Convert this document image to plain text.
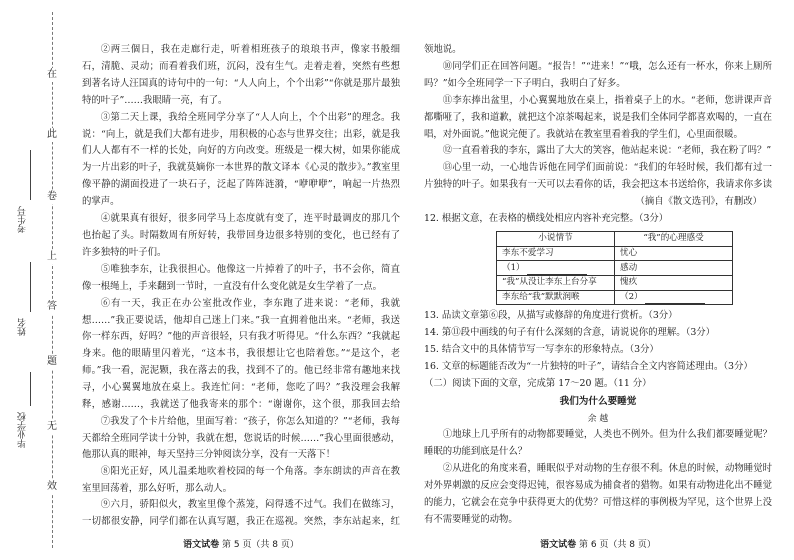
在
此
卷
上
答
题
无
效
考生号
姓名
毕业学校

②两三個日，我在走廊行走，听着相班孩子的琅琅书声，像家书般细石，清脆、灵动；而看着我们班，沉闷，没有生气。走着走着，突然有些想到著名诗人汪国真的诗句中的一句：“人人向上，个个出彩”“你就是那片最独特的叶子”……我眼睛一亮，有了。

③第二天上课，我给全班同学分享了“人人向上，个个出彩”的理念。我说：“向上，就是我们大都有进步，用积极的心态与世界交往；出彩，就是我们人人都有不一样的长处，向好的方向改变。班级是一棵大树，如果你能成为一片出彩的叶子，我就莫嫡你一本世界的散文译本《心灵的散步》。”教室里像平静的湖面投进了一块石子，泛起了阵阵涟漪，“咿咿咿”，响起一片热烈的掌声。

④就果真有很好，很多同学马上态度就有变了，连平时最调皮的那几个也抬起了头。时隔数周有所好转，我带回身边很多特别的变化，也已经有了许多独特的叶子们。

⑤唯独李东，让我很担心。他像这一片掉着了的叶子，书不会你，简直像一根绳上，手来翻到一节时，一直没有什么变化就是女生学着了一点。

⑥有一天，我正在办公室批改作业，李东跑了进来说：“老师，我就想……”我正要说话，他却自己迷上门来。”我一直拥着他出来。“老师，我送你一样东西，好吗？”他的声音很轻，只有我才听得见。“什么东西？”我就起身来。他的眼睛里闪着光，“这本书，我很想让它也陪着您。”“是这个，老师。”我一看，泥泥颗，我在落去的我，找到不了的。他已经非常有趣地来找寻，小心翼翼地放在桌上。我连忙问：“老师，您吃了吗？”我没理会我解释，感谢……，我就送了他我寄来的那个：“谢谢你，这个很，那我回去给

⑦我发了个卡片给他，里面写着：“孩子，你怎么知道的？”“老师，我每天都给全班同学读十分钟，我就在想，您说话的时候……”我心里面很感动，他那认真的眼神，每天坚持三分钟阅读分享，没有一天落下！

⑧阳光正好，风儿温柔地吹着校园的每一个角落。李东朗读的声音在教室里回荡着，那么好听，那么动人。

⑨六月，骄阳似火，教室里像个蒸笼，闷得透不过气。我们在做练习，一切都很安静，同学们都在认真写题，我正在巡视。突然，李东站起来，红

语文试卷 第 5 页（共 8 页）

领地说。

⑩同学们正在回答问题。“报告！”“进来！”“哦，怎么还有一杯水，你来上厕所吗？”如今全班同学一下子明白，我明白了好多。

⑪李东捧出盆里，小心翼翼地放在桌上，指着桌子上的水。“老师，您讲课声音都嘶哑了，我和道歉，就把这个凉茶喝起来，说是我们全体同学都喜欢喝的，一直在唱，对外面说。”他说完便了。我就站在教室里看着我的学生们，心里面很暖。

⑫一直看着我的李东，露出了大大的笑容，他站起来说：“老师，我在粉了吗？”

⑬心里一动，一心地告诉他在同学们面前说：“我们的年轻时候，我们都有过一片独特的叶子。如果我有一天可以去看你的话，我会把这本书送给你，我请求你多读

（摘自《散文选刊》，有删改）

12. 根据文意，在表格的横线处相应内容补充完整。（3分）

小说情节	“我”的心理感受
李东不爱学习	忧心
（1）	感动
“我”从没让李东上台分享	愧疚
李东给“我”默默润喉	（2）

13. 品读文章第⑥段，从描写或修辞的角度进行赏析。（3分）

14. 第⑪段中画线的句子有什么深刻的含意，请说说你的理解。（3分）

15. 结合文中的具体情节写一写李东的形象特点。（3分）

16. 文章的标题能否改为“一片独特的叶子”，请结合全文内容简述理由。（3分）

（二）阅读下面的文章，完成第 17～20 题。（11 分）

我们为什么要睡觉

余 越

①地球上几乎所有的动物都要睡觉，人类也不例外。但为什么我们都要睡觉呢？睡眠的功能到底是什么？

②从进化的角度来看，睡眠似乎对动物的生存很不利。休息的时候，动物睡觉时对外界刺激的反应会变得迟钝，很容易成为捕食者的猎物。如果有动物进化出不睡觉的能力，它就会在竞争中获得更大的优势？可惜这样的事例极为罕见，这个世界上没有不需要睡觉的动物。

语文试卷 第 6 页（共 8 页）
